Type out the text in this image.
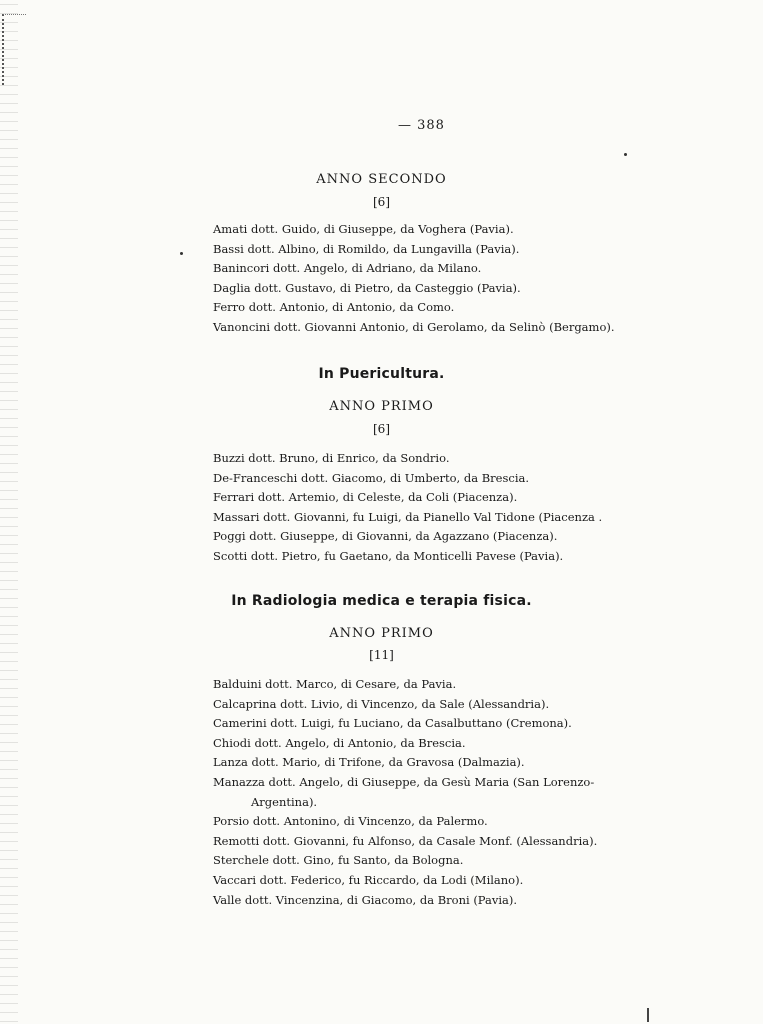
— 388
ANNO SECONDO
[6]
Amati dott. Guido, di Giuseppe, da Voghera (Pavia).
Bassi dott. Albino, di Romildo, da Lungavilla (Pavia).
Banincori dott. Angelo, di Adriano, da Milano.
Daglia dott. Gustavo, di Pietro, da Casteggio (Pavia).
Ferro dott. Antonio, di Antonio, da Como.
Vanoncini dott. Giovanni Antonio, di Gerolamo, da Selinò (Bergamo).
In Puericultura.
ANNO PRIMO
[6]
Buzzi dott. Bruno, di Enrico, da Sondrio.
De-Franceschi dott. Giacomo, di Umberto, da Brescia.
Ferrari dott. Artemio, di Celeste, da Coli (Piacenza).
Massari dott. Giovanni, fu Luigi, da Pianello Val Tidone (Piacenza .
Poggi dott. Giuseppe, di Giovanni, da Agazzano (Piacenza).
Scotti dott. Pietro, fu Gaetano, da Monticelli Pavese (Pavia).
In Radiologia medica e terapia fisica.
ANNO PRIMO
[11]
Balduini dott. Marco, di Cesare, da Pavia.
Calcaprina dott. Livio, di Vincenzo, da Sale (Alessandria).
Camerini dott. Luigi, fu Luciano, da Casalbuttano (Cremona).
Chiodi dott. Angelo, di Antonio, da Brescia.
Lanza dott. Mario, di Trifone, da Gravosa (Dalmazia).
Manazza dott. Angelo, di Giuseppe, da Gesù Maria (San Lorenzo-
Argentina).
Porsio dott. Antonino, di Vincenzo, da Palermo.
Remotti dott. Giovanni, fu Alfonso, da Casale Monf. (Alessandria).
Sterchele dott. Gino, fu Santo, da Bologna.
Vaccari dott. Federico, fu Riccardo, da Lodi (Milano).
Valle dott. Vincenzina, di Giacomo, da Broni (Pavia).
